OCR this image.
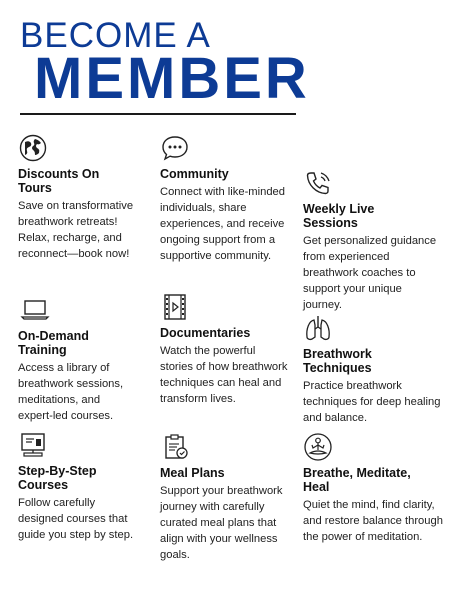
BECOME A
MEMBER
Discounts On Tours

Save on transformative breathwork retreats! Relax, recharge, and reconnect—book now!

Community

Connect with like-minded individuals, share experiences, and receive ongoing support from a supportive community.

Weekly Live Sessions

Get personalized guidance from experienced breathwork coaches to support your unique journey.

On-Demand Training

Access a library of breathwork sessions, meditations, and expert-led courses.

Documentaries

Watch the powerful stories of how breathwork techniques can heal and transform lives.

Breathwork Techniques

Practice breathwork techniques for deep healing and balance.

Step-By-Step Courses

Follow carefully designed courses that guide you step by step.

Meal Plans

Support your breathwork journey with carefully curated meal plans that align with your wellness goals.

Breathe, Meditate, Heal

Quiet the mind, find clarity, and restore balance through the power of meditation.
